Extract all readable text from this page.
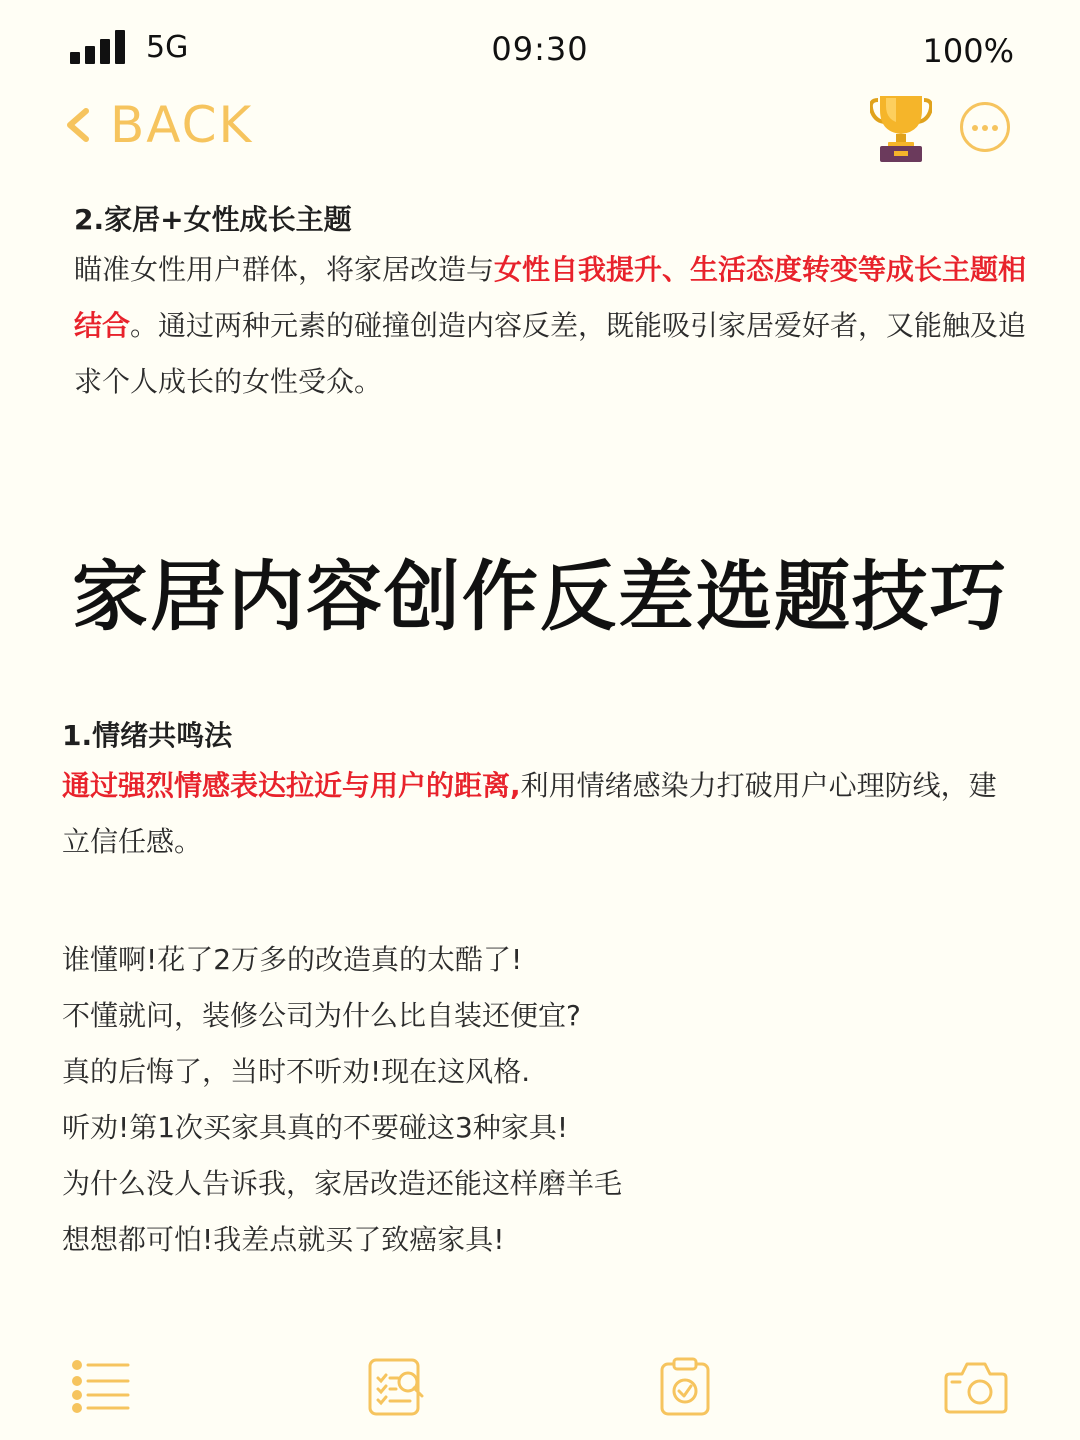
5G	09:30	100%
BACK
2.家居+女性成长主题
瞄准女性用户群体，将家居改造与女性自我提升、生活态度转变等成长主题相结合。通过两种元素的碰撞创造内容反差，既能吸引家居爱好者，又能触及追求个人成长的女性受众。
家居内容创作反差选题技巧
1.情绪共鸣法
通过强烈情感表达拉近与用户的距离,利用情绪感染力打破用户心理防线，建立信任感。
谁懂啊!花了2万多的改造真的太酷了!
不懂就问，装修公司为什么比自装还便宜?
真的后悔了，当时不听劝!现在这风格.
听劝!第1次买家具真的不要碰这3种家具!
为什么没人告诉我，家居改造还能这样磨羊毛
想想都可怕!我差点就买了致癌家具!
